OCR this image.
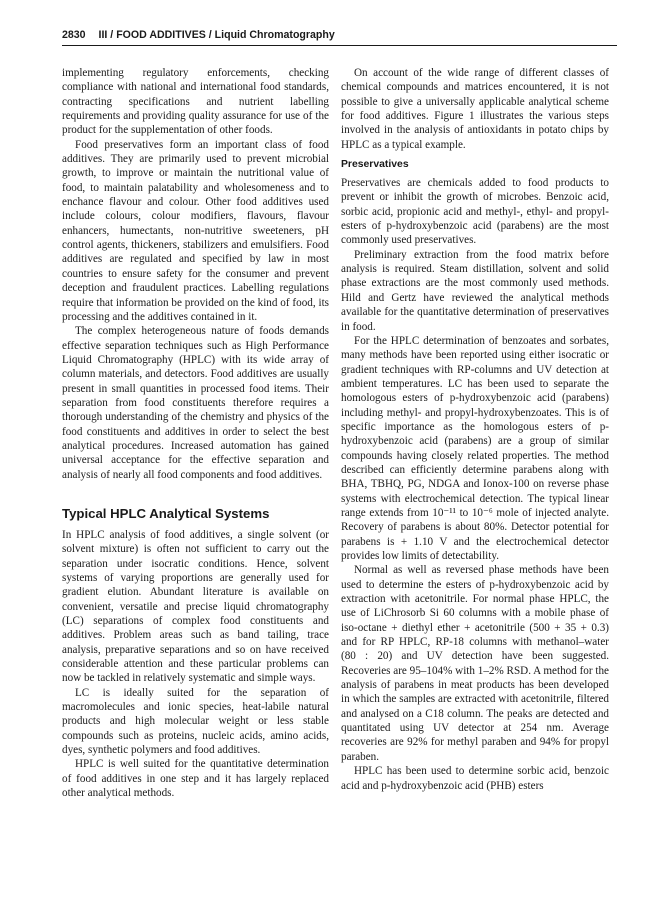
2830 III / FOOD ADDITIVES / Liquid Chromatography

implementing regulatory enforcements, checking compliance with national and international food standards, contracting specifications and nutrient labelling requirements and providing quality assurance for use of the product for the supplementation of other foods.

Food preservatives form an important class of food additives. They are primarily used to prevent microbial growth, to improve or maintain the nutritional value of food, to maintain palatability and wholesomeness and to enchance flavour and colour. Other food additives used include colours, colour modifiers, flavours, flavour enhancers, humectants, non-nutritive sweeteners, pH control agents, thickeners, stabilizers and emulsifiers. Food additives are regulated and specified by law in most countries to ensure safety for the consumer and prevent deception and fraudulent practices. Labelling regulations require that information be provided on the kind of food, its processing and the additives contained in it.

The complex heterogeneous nature of foods demands effective separation techniques such as High Performance Liquid Chromatography (HPLC) with its wide array of column materials, and detectors. Food additives are usually present in small quantities in processed food items. Their separation from food constituents therefore requires a thorough understanding of the chemistry and physics of the food constituents and additives in order to select the best analytical procedures. Increased automation has gained universal acceptance for the effective separation and analysis of nearly all food components and food additives.

Typical HPLC Analytical Systems

In HPLC analysis of food additives, a single solvent (or solvent mixture) is often not sufficient to carry out the separation under isocratic conditions. Hence, solvent systems of varying proportions are generally used for gradient elution. Abundant literature is available on convenient, versatile and precise liquid chromatography (LC) separations of complex food constituents and additives. Problem areas such as band tailing, trace analysis, preparative separations and so on have received considerable attention and these particular problems can now be tackled in relatively systematic and simple ways.

LC is ideally suited for the separation of macromolecules and ionic species, heat-labile natural products and high molecular weight or less stable compounds such as proteins, nucleic acids, amino acids, dyes, synthetic polymers and food additives.

HPLC is well suited for the quantitative determination of food additives in one step and it has largely replaced other analytical methods.

On account of the wide range of different classes of chemical compounds and matrices encountered, it is not possible to give a universally applicable analytical scheme for food additives. Figure 1 illustrates the various steps involved in the analysis of antioxidants in potato chips by HPLC as a typical example.

Preservatives

Preservatives are chemicals added to food products to prevent or inhibit the growth of microbes. Benzoic acid, sorbic acid, propionic acid and methyl-, ethyl- and propyl-esters of p-hydroxybenzoic acid (parabens) are the most commonly used preservatives.

Preliminary extraction from the food matrix before analysis is required. Steam distillation, solvent and solid phase extractions are the most commonly used methods. Hild and Gertz have reviewed the analytical methods available for the quantitative determination of preservatives in food.

For the HPLC determination of benzoates and sorbates, many methods have been reported using either isocratic or gradient techniques with RP-columns and UV detection at ambient temperatures. LC has been used to separate the homologous esters of p-hydroxybenzoic acid (parabens) including methyl- and propyl-hydroxybenzoates. This is of specific importance as the homologous esters of p-hydroxybenzoic acid (parabens) are a group of similar compounds having closely related properties. The method described can efficiently determine parabens along with BHA, TBHQ, PG, NDGA and Ionox-100 on reverse phase systems with electrochemical detection. The typical linear range extends from 10⁻¹¹ to 10⁻⁶ mole of injected analyte. Recovery of parabens is about 80%. Detector potential for parabens is + 1.10 V and the electrochemical detector provides low limits of detectability.

Normal as well as reversed phase methods have been used to determine the esters of p-hydroxybenzoic acid by extraction with acetonitrile. For normal phase HPLC, the use of LiChrosorb Si 60 columns with a mobile phase of iso-octane + diethyl ether + acetonitrile (500 + 35 + 0.3) and for RP HPLC, RP-18 columns with methanol–water (80 : 20) and UV detection have been suggested. Recoveries are 95–104% with 1–2% RSD. A method for the analysis of parabens in meat products has been developed in which the samples are extracted with acetonitrile, filtered and analysed on a C18 column. The peaks are detected and quantitated using UV detector at 254 nm. Average recoveries are 92% for methyl paraben and 94% for propyl paraben.

HPLC has been used to determine sorbic acid, benzoic acid and p-hydroxybenzoic acid (PHB) esters
